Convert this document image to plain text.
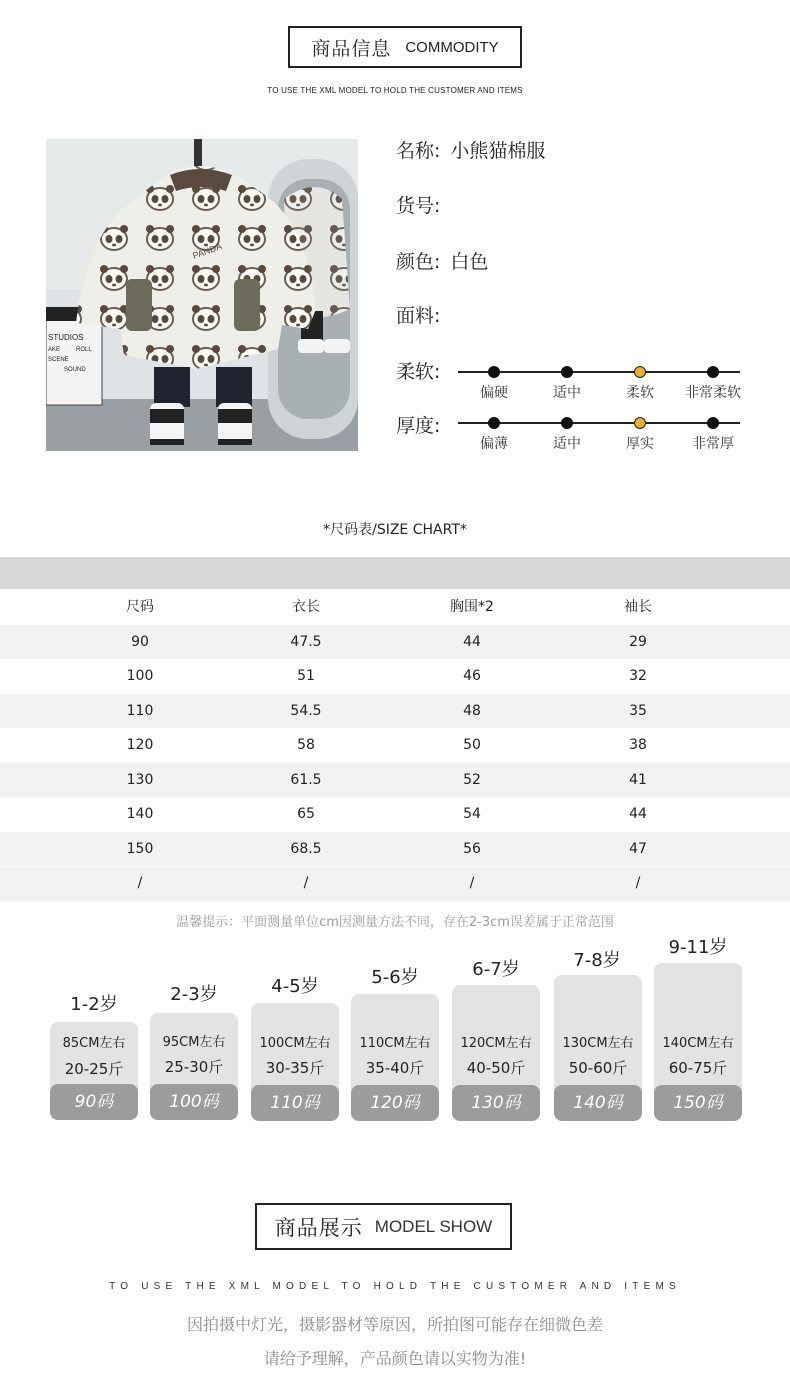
商品信息 COMMODITY
TO USE THE XML MODEL TO HOLD THE CUSTOMER AND ITEMS
STUDIOS
AKE	ROLL
SCENE
SOUND
PANDA
名称: 小熊猫棉服
货号:
颜色: 白色
面料:
柔软:
偏硬	适中	柔软 非常柔软
厚度:
偏薄	适中	厚实	非常厚
*尺码表/SIZE CHART*
尺码	衣长	胸围*2	袖长
90	47.5	44	29
100	51	46	32
110	54.5	48	35
120	58	50	38
130	61.5	52	41
140	65	54	44
150	68.5	56	47
/	/	/	/
温馨提示：平面测量单位cm因测量方法不同，存在2-3cm误差属于正常范围
1-2岁
85CM左右
20-25斤
90码
2-3岁
95CM左右
25-30斤
100码
4-5岁
100CM左右
30-35斤
110码
5-6岁
110CM左右
35-40斤
120码
6-7岁
120CM左右
40-50斤
130码
7-8岁
130CM左右
50-60斤
140码
9-11岁
140CM左右
60-75斤
150码
商品展示 MODEL SHOW
TO USE THE XML MODEL TO HOLD THE CUSTOMER AND ITEMS
因拍摄中灯光，摄影器材等原因，所拍图可能存在细微色差
请给予理解，产品颜色请以实物为准!
